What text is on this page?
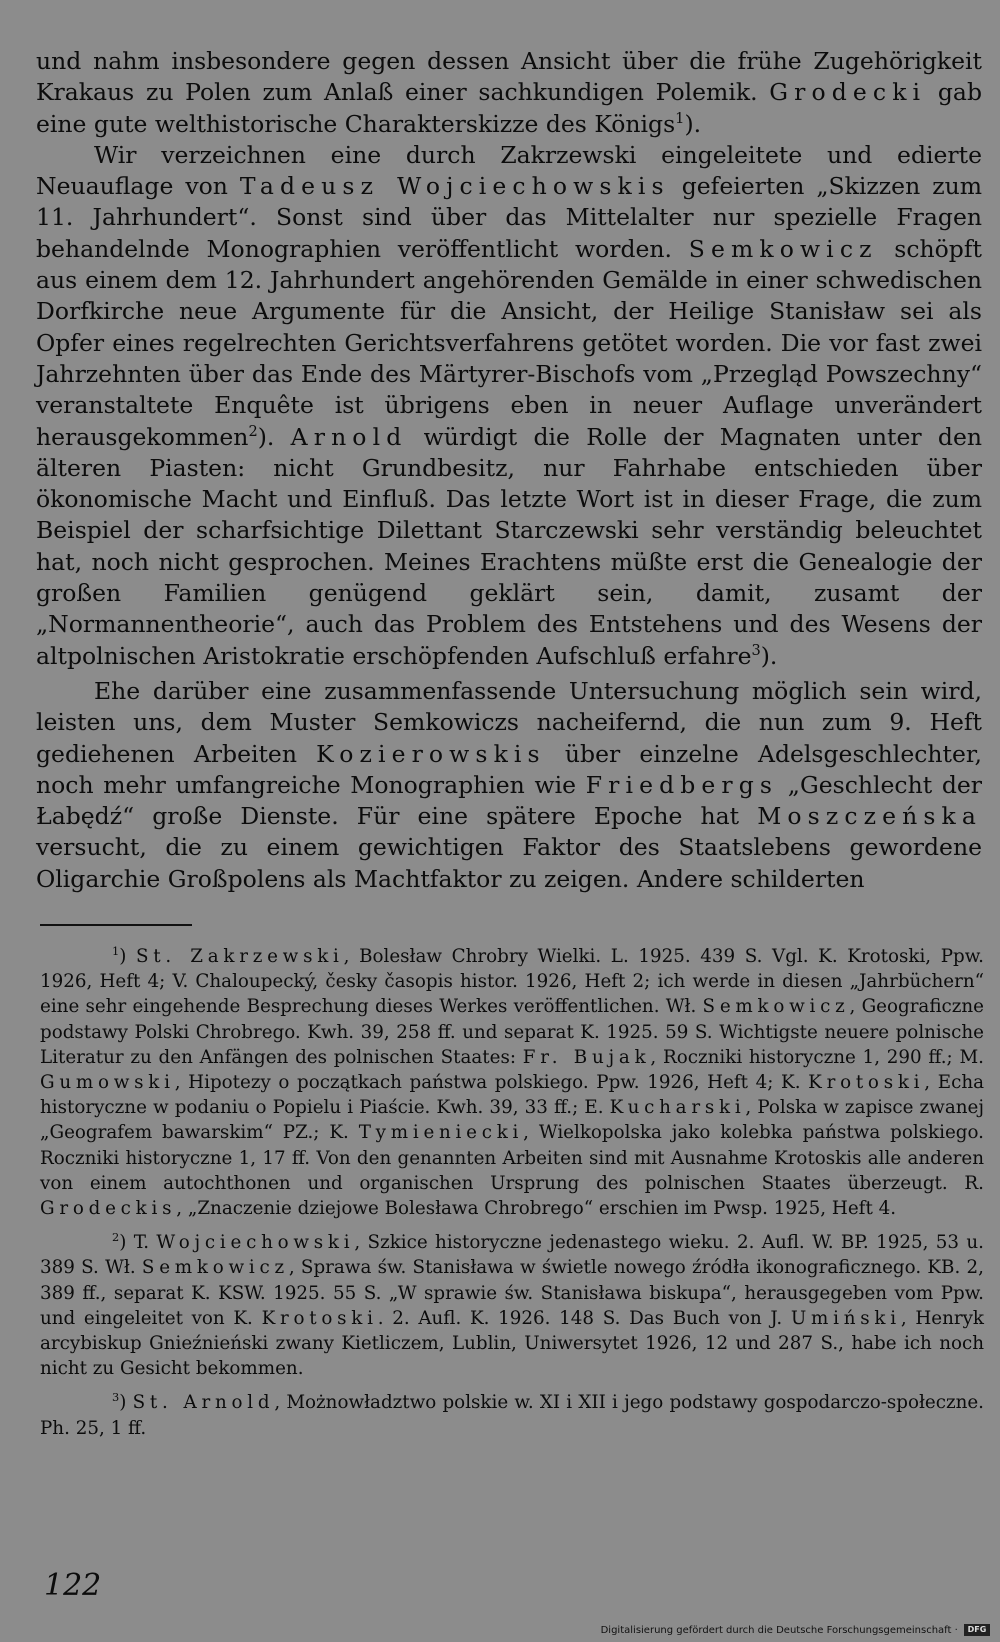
und nahm insbesondere gegen dessen Ansicht über die frühe Zugehörigkeit Krakaus zu Polen zum Anlaß einer sachkundigen Polemik. Grodecki gab eine gute welthistorische Charakterskizze des Königs$^1$).

Wir verzeichnen eine durch Zakrzewski eingeleitete und edierte Neuauflage von Tadeusz Wojciechowskis gefeierten „Skizzen zum 11. Jahrhundert“. Sonst sind über das Mittelalter nur spezielle Fragen behandelnde Monographien veröffentlicht worden. Semkowicz schöpft aus einem dem 12. Jahrhundert angehörenden Gemälde in einer schwedischen Dorfkirche neue Argumente für die Ansicht, der Heilige Stanisław sei als Opfer eines regelrechten Gerichtsverfahrens getötet worden. Die vor fast zwei Jahrzehnten über das Ende des Märtyrer-Bischofs vom „Przegląd Powszechny“ veranstaltete Enquête ist übrigens eben in neuer Auflage unverändert herausgekommen$^2$). Arnold würdigt die Rolle der Magnaten unter den älteren Piasten: nicht Grundbesitz, nur Fahrhabe entschieden über ökonomische Macht und Einfluß. Das letzte Wort ist in dieser Frage, die zum Beispiel der scharfsichtige Dilettant Starczewski sehr verständig beleuchtet hat, noch nicht gesprochen. Meines Erachtens müßte erst die Genealogie der großen Familien genügend geklärt sein, damit, zusamt der „Normannentheorie“, auch das Problem des Entstehens und des Wesens der altpolnischen Aristokratie erschöpfenden Aufschluß erfahre$^3$).

Ehe darüber eine zusammenfassende Untersuchung möglich sein wird, leisten uns, dem Muster Semkowiczs nacheifernd, die nun zum 9. Heft gediehenen Arbeiten Kozierowskis über einzelne Adelsgeschlechter, noch mehr umfangreiche Monographien wie Friedbergs „Geschlecht der Łabędź“ große Dienste. Für eine spätere Epoche hat Moszczeńska versucht, die zu einem gewichtigen Faktor des Staatslebens gewordene Oligarchie Großpolens als Machtfaktor zu zeigen. Andere schilderten

$^1$) St. Zakrzewski, Bolesław Chrobry Wielki. L. 1925. 439 S. Vgl. K. Krotoski, Ppw. 1926, Heft 4; V. Chaloupecký, česky časopis histor. 1926, Heft 2; ich werde in diesen „Jahrbüchern“ eine sehr eingehende Besprechung dieses Werkes veröffentlichen. Wł. Semkowicz, Geograficzne podstawy Polski Chrobrego. Kwh. 39, 258 ff. und separat K. 1925. 59 S. Wichtigste neuere polnische Literatur zu den Anfängen des polnischen Staates: Fr. Bujak, Roczniki historyczne 1, 290 ff.; M. Gumowski, Hipotezy o początkach państwa polskiego. Ppw. 1926, Heft 4; K. Krotoski, Echa historyczne w podaniu o Popielu i Piaście. Kwh. 39, 33 ff.; E. Kucharski, Polska w zapisce zwanej „Geografem bawarskim“ PZ.; K. Tymieniecki, Wielkopolska jako kolebka państwa polskiego. Roczniki historyczne 1, 17 ff. Von den genannten Arbeiten sind mit Ausnahme Krotoskis alle anderen von einem autochthonen und organischen Ursprung des polnischen Staates überzeugt. R. Grodeckis, „Znaczenie dziejowe Bolesława Chrobrego“ erschien im Pwsp. 1925, Heft 4.

$^2$) T. Wojciechowski, Szkice historyczne jedenastego wieku. 2. Aufl. W. BP. 1925, 53 u. 389 S. Wł. Semkowicz, Sprawa św. Stanisława w świetle nowego źródła ikonograficznego. KB. 2, 389 ff., separat K. KSW. 1925. 55 S. „W sprawie św. Stanisława biskupa“, herausgegeben vom Ppw. und eingeleitet von K. Krotoski. 2. Aufl. K. 1926. 148 S. Das Buch von J. Umiński, Henryk arcybiskup Gnieźnieński zwany Kietliczem, Lublin, Uniwersytet 1926, 12 und 287 S., habe ich noch nicht zu Gesicht bekommen.

$^3$) St. Arnold, Możnowładztwo polskie w. XI i XII i jego podstawy gospodarczo-społeczne. Ph. 25, 1 ff.

122
Digitalisierung gefördert durch die Deutsche Forschungsgemeinschaft · DFG
